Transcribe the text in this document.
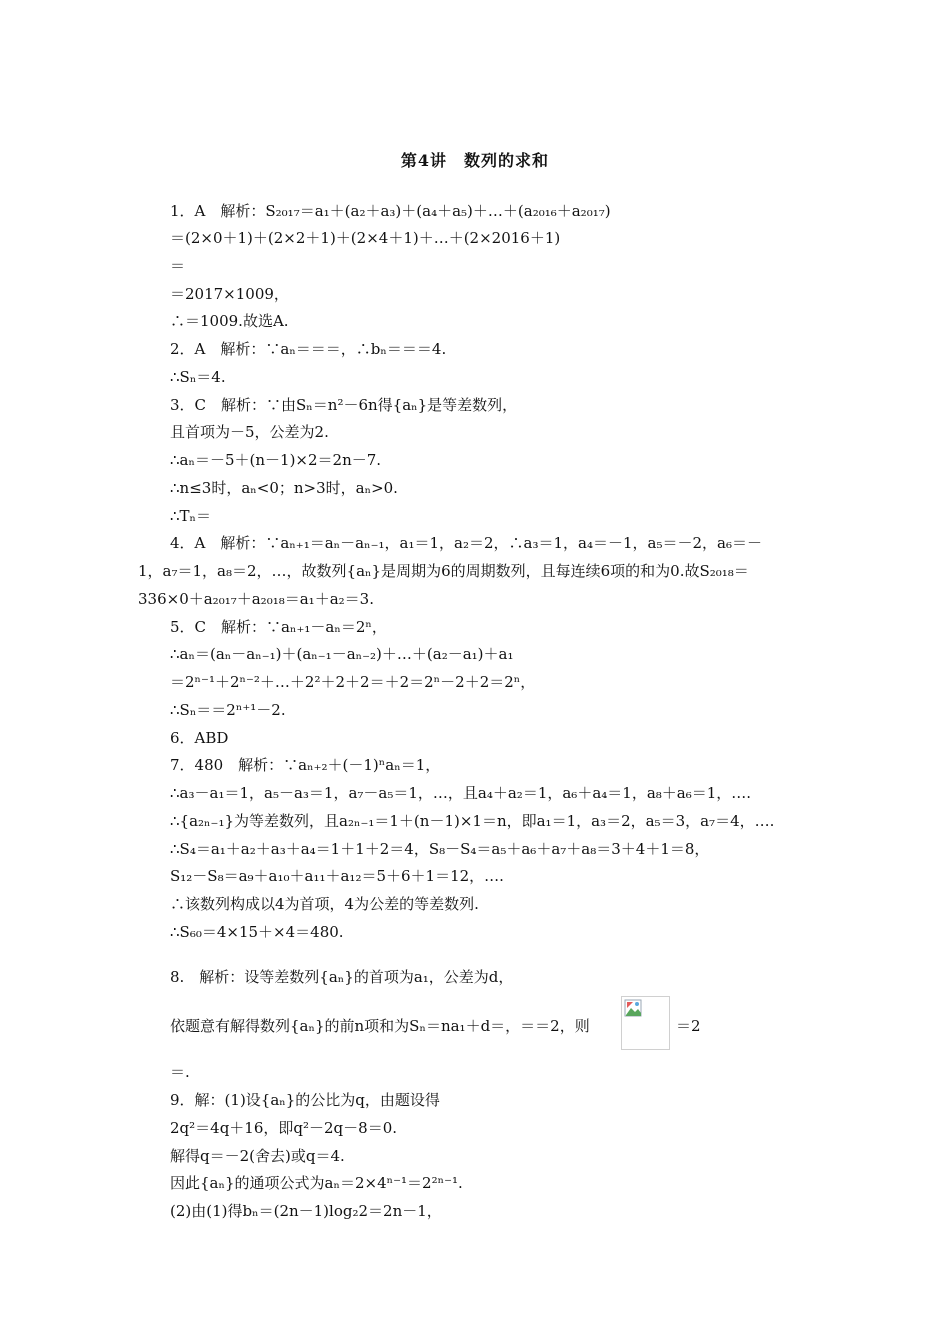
第4讲　数列的求和
1．A　解析：S₂₀₁₇＝a₁＋(a₂＋a₃)＋(a₄＋a₅)＋…＋(a₂₀₁₆＋a₂₀₁₇)
＝(2×0＋1)＋(2×2＋1)＋(2×4＋1)＋…＋(2×2016＋1)
＝
＝2017×1009，
∴＝1009.故选A.
2．A　解析：∵aₙ＝＝＝，∴bₙ＝＝＝4.
∴Sₙ＝4.
3．C　解析：∵由Sₙ＝n²－6n得{aₙ}是等差数列，
且首项为－5，公差为2.
∴aₙ＝－5＋(n－1)×2＝2n－7.
∴n≤3时，aₙ<0；n>3时，aₙ>0.
∴Tₙ＝
4．A　解析：∵aₙ₊₁＝aₙ－aₙ₋₁，a₁＝1，a₂＝2，∴a₃＝1，a₄＝－1，a₅＝－2，a₆＝－
1，a₇＝1，a₈＝2，…，故数列{aₙ}是周期为6的周期数列，且每连续6项的和为0.故S₂₀₁₈＝
336×0＋a₂₀₁₇＋a₂₀₁₈＝a₁＋a₂＝3.
5．C　解析：∵aₙ₊₁－aₙ＝2ⁿ，
∴aₙ＝(aₙ－aₙ₋₁)＋(aₙ₋₁－aₙ₋₂)＋…＋(a₂－a₁)＋a₁
＝2ⁿ⁻¹＋2ⁿ⁻²＋…＋2²＋2＋2＝＋2＝2ⁿ－2＋2＝2ⁿ，
∴Sₙ＝＝2ⁿ⁺¹－2.
6．ABD
7．480　解析：∵aₙ₊₂＋(－1)ⁿaₙ＝1，
∴a₃－a₁＝1，a₅－a₃＝1，a₇－a₅＝1，…，且a₄＋a₂＝1，a₆＋a₄＝1，a₈＋a₆＝1，….
∴{a₂ₙ₋₁}为等差数列，且a₂ₙ₋₁＝1＋(n－1)×1＝n，即a₁＝1，a₃＝2，a₅＝3，a₇＝4，….
∴S₄＝a₁＋a₂＋a₃＋a₄＝1＋1＋2＝4，S₈－S₄＝a₅＋a₆＋a₇＋a₈＝3＋4＋1＝8，
S₁₂－S₈＝a₉＋a₁₀＋a₁₁＋a₁₂＝5＋6＋1＝12，….
∴该数列构成以4为首项，4为公差的等差数列.
∴S₆₀＝4×15＋×4＝480.
8.　解析：设等差数列{aₙ}的首项为a₁，公差为d，
依题意有解得数列{aₙ}的前n项和为Sₙ＝na₁＋d＝，＝＝2，则	＝2
＝.
9．解：(1)设{aₙ}的公比为q，由题设得
2q²＝4q＋16，即q²－2q－8＝0.
解得q＝－2(舍去)或q＝4.
因此{aₙ}的通项公式为aₙ＝2×4ⁿ⁻¹＝2²ⁿ⁻¹.
(2)由(1)得bₙ＝(2n－1)log₂2＝2n－1，
